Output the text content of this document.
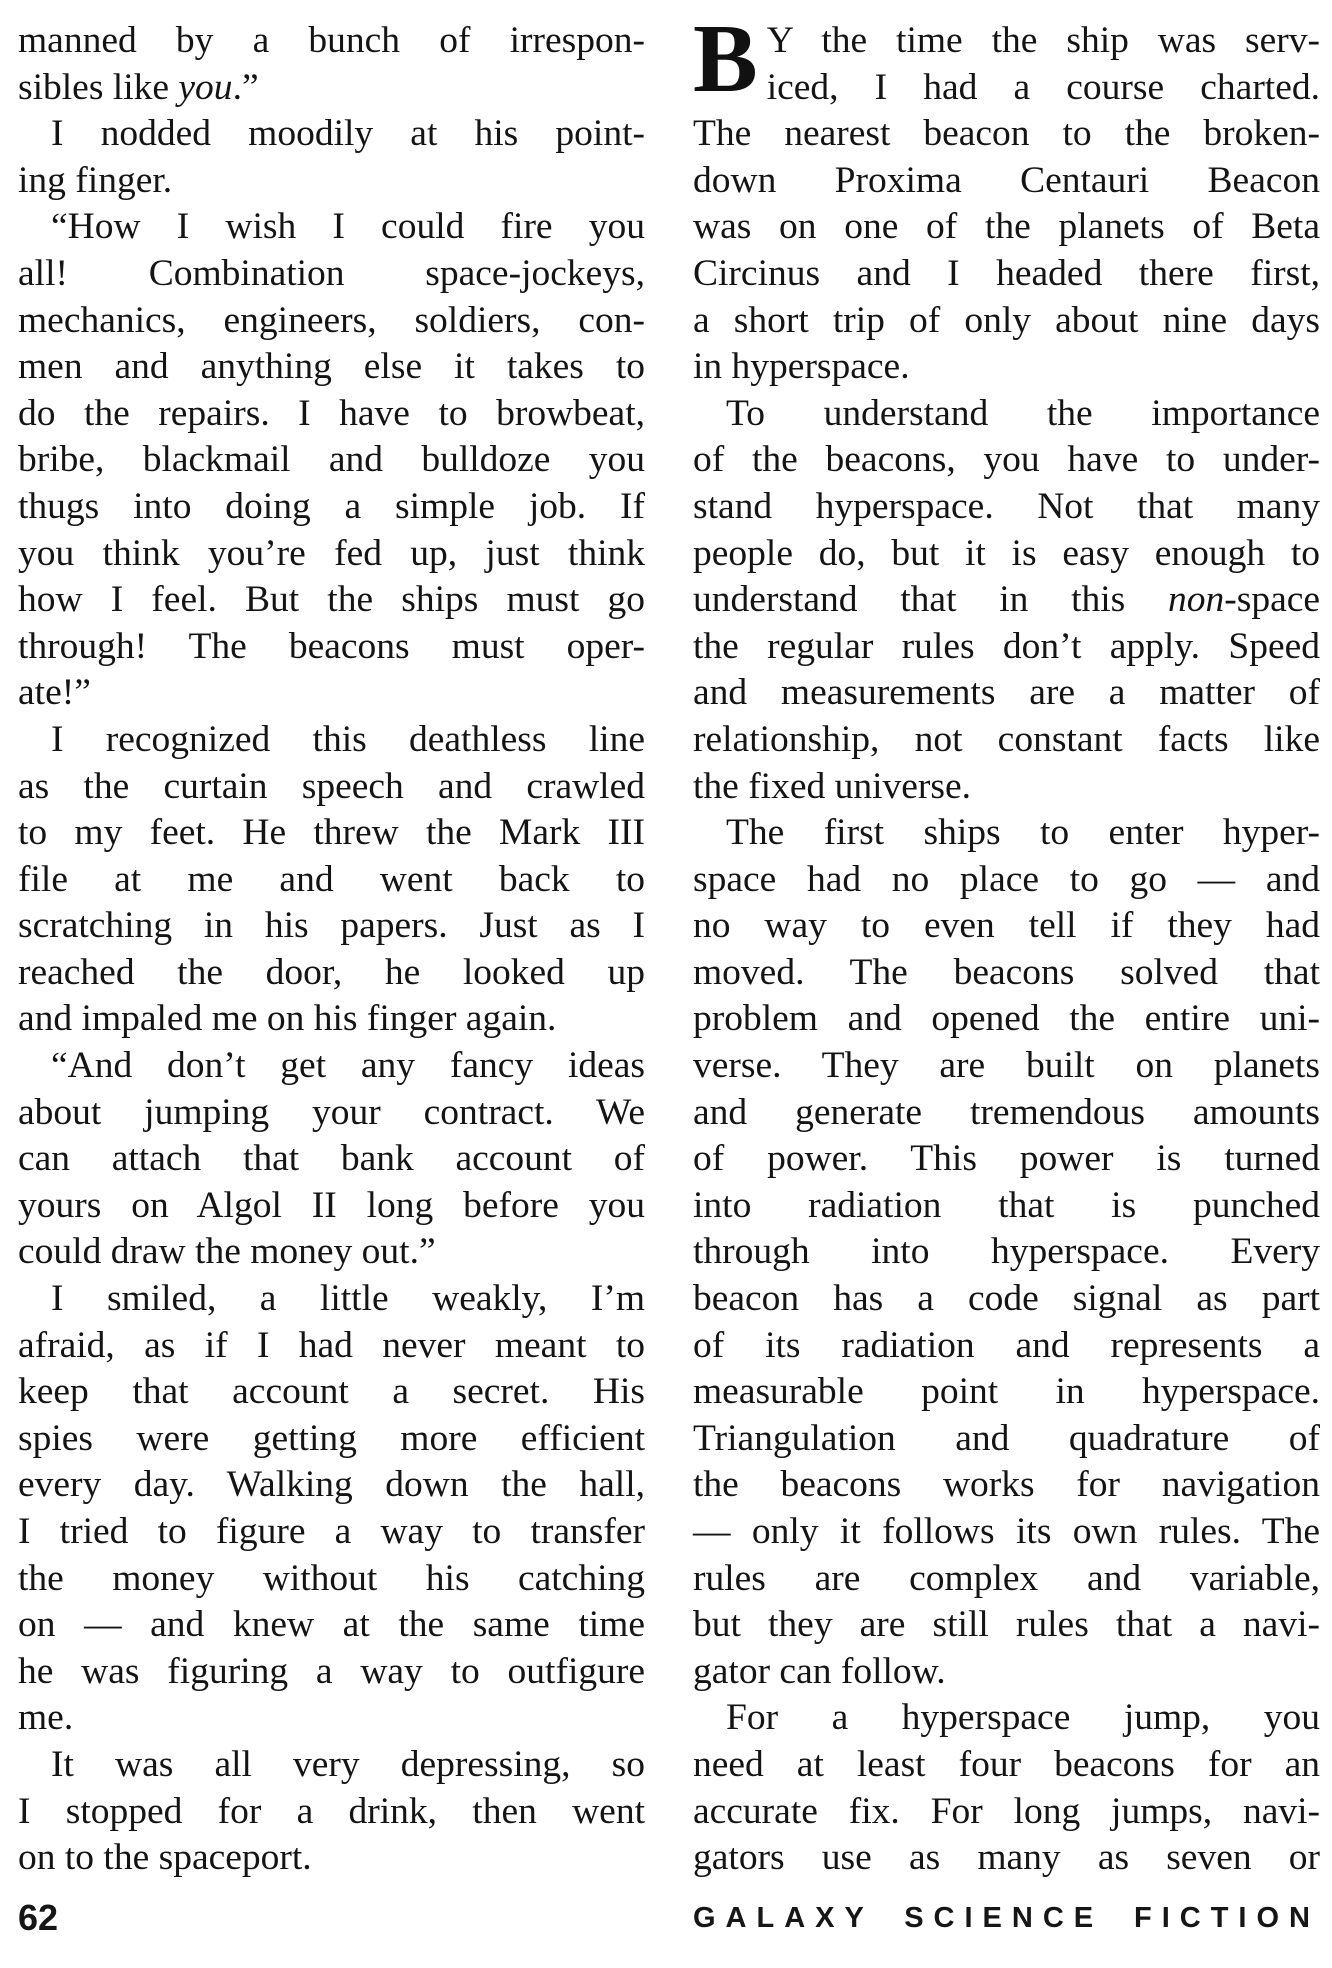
manned by a bunch of irrespon-
sibles like you.”
I nodded moodily at his point-
ing finger.
“How I wish I could fire you
all! Combination space-jockeys,
mechanics, engineers, soldiers, con-
men and anything else it takes to
do the repairs. I have to browbeat,
bribe, blackmail and bulldoze you
thugs into doing a simple job. If
you think you’re fed up, just think
how I feel. But the ships must go
through! The beacons must oper-
ate!”
I recognized this deathless line
as the curtain speech and crawled
to my feet. He threw the Mark III
file at me and went back to
scratching in his papers. Just as I
reached the door, he looked up
and impaled me on his finger again.
“And don’t get any fancy ideas
about jumping your contract. We
can attach that bank account of
yours on Algol II long before you
could draw the money out.”
I smiled, a little weakly, I’m
afraid, as if I had never meant to
keep that account a secret. His
spies were getting more efficient
every day. Walking down the hall,
I tried to figure a way to transfer
the money without his catching
on — and knew at the same time
he was figuring a way to outfigure
me.
It was all very depressing, so
I stopped for a drink, then went
on to the spaceport.
B Y the time the ship was serv-
iced, I had a course charted.
The nearest beacon to the broken-
down Proxima Centauri Beacon
was on one of the planets of Beta
Circinus and I headed there first,
a short trip of only about nine days
in hyperspace.
To understand the importance
of the beacons, you have to under-
stand hyperspace. Not that many
people do, but it is easy enough to
understand that in this non-space
the regular rules don’t apply. Speed
and measurements are a matter of
relationship, not constant facts like
the fixed universe.
The first ships to enter hyper-
space had no place to go — and
no way to even tell if they had
moved. The beacons solved that
problem and opened the entire uni-
verse. They are built on planets
and generate tremendous amounts
of power. This power is turned
into radiation that is punched
through into hyperspace. Every
beacon has a code signal as part
of its radiation and represents a
measurable point in hyperspace.
Triangulation and quadrature of
the beacons works for navigation
— only it follows its own rules. The
rules are complex and variable,
but they are still rules that a navi-
gator can follow.
For a hyperspace jump, you
need at least four beacons for an
accurate fix. For long jumps, navi-
gators use as many as seven or
62	GALAXY SCIENCE FICTION
